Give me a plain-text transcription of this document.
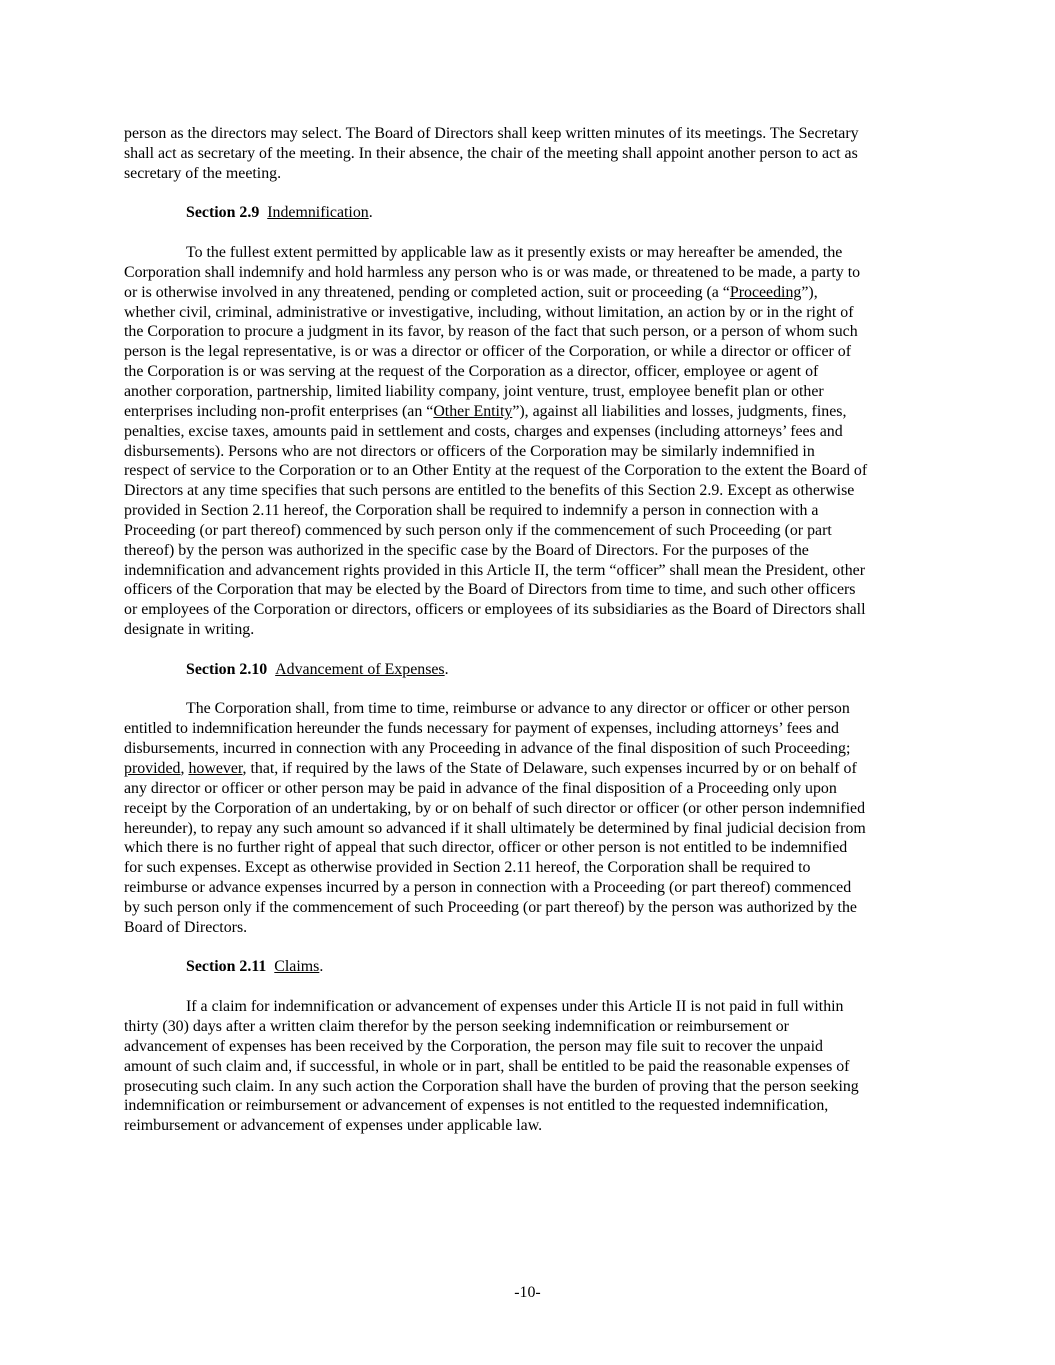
person as the directors may select. The Board of Directors shall keep written minutes of its meetings. The Secretary
shall act as secretary of the meeting. In their absence, the chair of the meeting shall appoint another person to act as
secretary of the meeting.

Section 2.9 Indemnification.

To the fullest extent permitted by applicable law as it presently exists or may hereafter be amended, the
Corporation shall indemnify and hold harmless any person who is or was made, or threatened to be made, a party to
or is otherwise involved in any threatened, pending or completed action, suit or proceeding (a “Proceeding”),
whether civil, criminal, administrative or investigative, including, without limitation, an action by or in the right of
the Corporation to procure a judgment in its favor, by reason of the fact that such person, or a person of whom such
person is the legal representative, is or was a director or officer of the Corporation, or while a director or officer of
the Corporation is or was serving at the request of the Corporation as a director, officer, employee or agent of
another corporation, partnership, limited liability company, joint venture, trust, employee benefit plan or other
enterprises including non-profit enterprises (an “Other Entity”), against all liabilities and losses, judgments, fines,
penalties, excise taxes, amounts paid in settlement and costs, charges and expenses (including attorneys’ fees and
disbursements). Persons who are not directors or officers of the Corporation may be similarly indemnified in
respect of service to the Corporation or to an Other Entity at the request of the Corporation to the extent the Board of
Directors at any time specifies that such persons are entitled to the benefits of this Section 2.9. Except as otherwise
provided in Section 2.11 hereof, the Corporation shall be required to indemnify a person in connection with a
Proceeding (or part thereof) commenced by such person only if the commencement of such Proceeding (or part
thereof) by the person was authorized in the specific case by the Board of Directors. For the purposes of the
indemnification and advancement rights provided in this Article II, the term “officer” shall mean the President, other
officers of the Corporation that may be elected by the Board of Directors from time to time, and such other officers
or employees of the Corporation or directors, officers or employees of its subsidiaries as the Board of Directors shall
designate in writing.

Section 2.10 Advancement of Expenses.

The Corporation shall, from time to time, reimburse or advance to any director or officer or other person
entitled to indemnification hereunder the funds necessary for payment of expenses, including attorneys’ fees and
disbursements, incurred in connection with any Proceeding in advance of the final disposition of such Proceeding;
provided, however, that, if required by the laws of the State of Delaware, such expenses incurred by or on behalf of
any director or officer or other person may be paid in advance of the final disposition of a Proceeding only upon
receipt by the Corporation of an undertaking, by or on behalf of such director or officer (or other person indemnified
hereunder), to repay any such amount so advanced if it shall ultimately be determined by final judicial decision from
which there is no further right of appeal that such director, officer or other person is not entitled to be indemnified
for such expenses. Except as otherwise provided in Section 2.11 hereof, the Corporation shall be required to
reimburse or advance expenses incurred by a person in connection with a Proceeding (or part thereof) commenced
by such person only if the commencement of such Proceeding (or part thereof) by the person was authorized by the
Board of Directors.

Section 2.11 Claims.

If a claim for indemnification or advancement of expenses under this Article II is not paid in full within
thirty (30) days after a written claim therefor by the person seeking indemnification or reimbursement or
advancement of expenses has been received by the Corporation, the person may file suit to recover the unpaid
amount of such claim and, if successful, in whole or in part, shall be entitled to be paid the reasonable expenses of
prosecuting such claim. In any such action the Corporation shall have the burden of proving that the person seeking
indemnification or reimbursement or advancement of expenses is not entitled to the requested indemnification,
reimbursement or advancement of expenses under applicable law.

-10-
